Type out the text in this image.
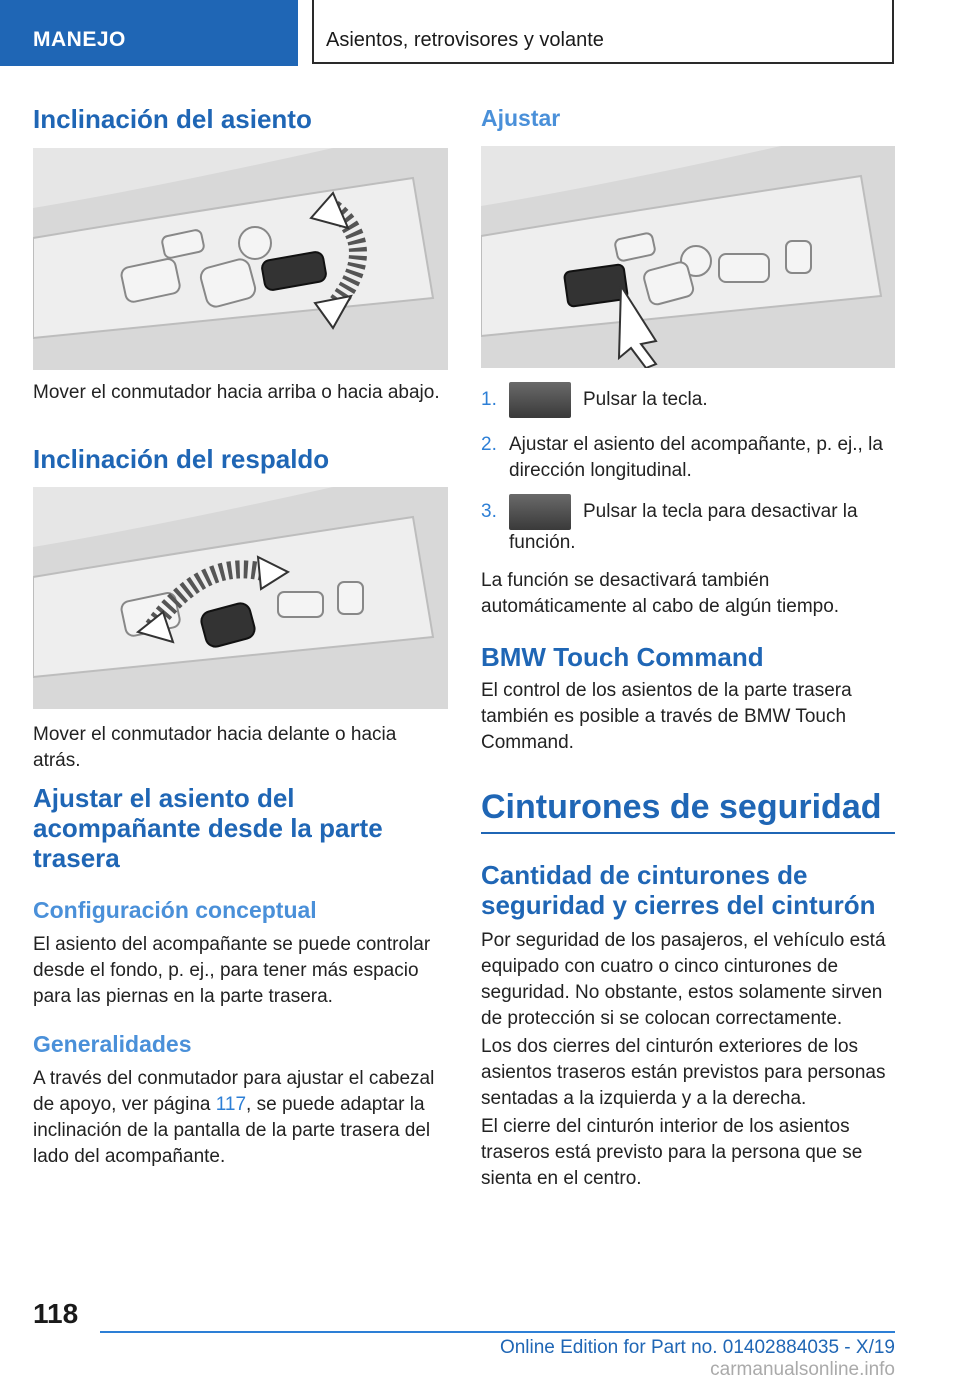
MANEJO	Asientos, retrovisores y volante
Inclinación del asiento
Mover el conmutador hacia arriba o hacia abajo.
Inclinación del respaldo
Mover el conmutador hacia delante o hacia atrás.
Ajustar el asiento del acompañante desde la parte trasera
Configuración conceptual
El asiento del acompañante se puede controlar desde el fondo, p. ej., para tener más espacio para las piernas en la parte trasera.
Generalidades
A través del conmutador para ajustar el cabezal de apoyo, ver página 117, se puede adaptar la inclinación de la pantalla de la parte trasera del lado del acompañante.
Ajustar
1.	Pulsar la tecla.
2. Ajustar el asiento del acompañante, p. ej., la dirección longitudinal.
3.	Pulsar la tecla para desactivar la función.
La función se desactivará también automáticamente al cabo de algún tiempo.
BMW Touch Command
El control de los asientos de la parte trasera también es posible a través de BMW Touch Command.
Cinturones de seguridad
Cantidad de cinturones de seguridad y cierres del cinturón
Por seguridad de los pasajeros, el vehículo está equipado con cuatro o cinco cinturones de seguridad. No obstante, estos solamente sirven de protección si se colocan correctamente.
Los dos cierres del cinturón exteriores de los asientos traseros están previstos para personas sentadas a la izquierda y a la derecha.
El cierre del cinturón interior de los asientos traseros está previsto para la persona que se sienta en el centro.
118
Online Edition for Part no. 01402884035 - X/19 carmanualsonline.info
